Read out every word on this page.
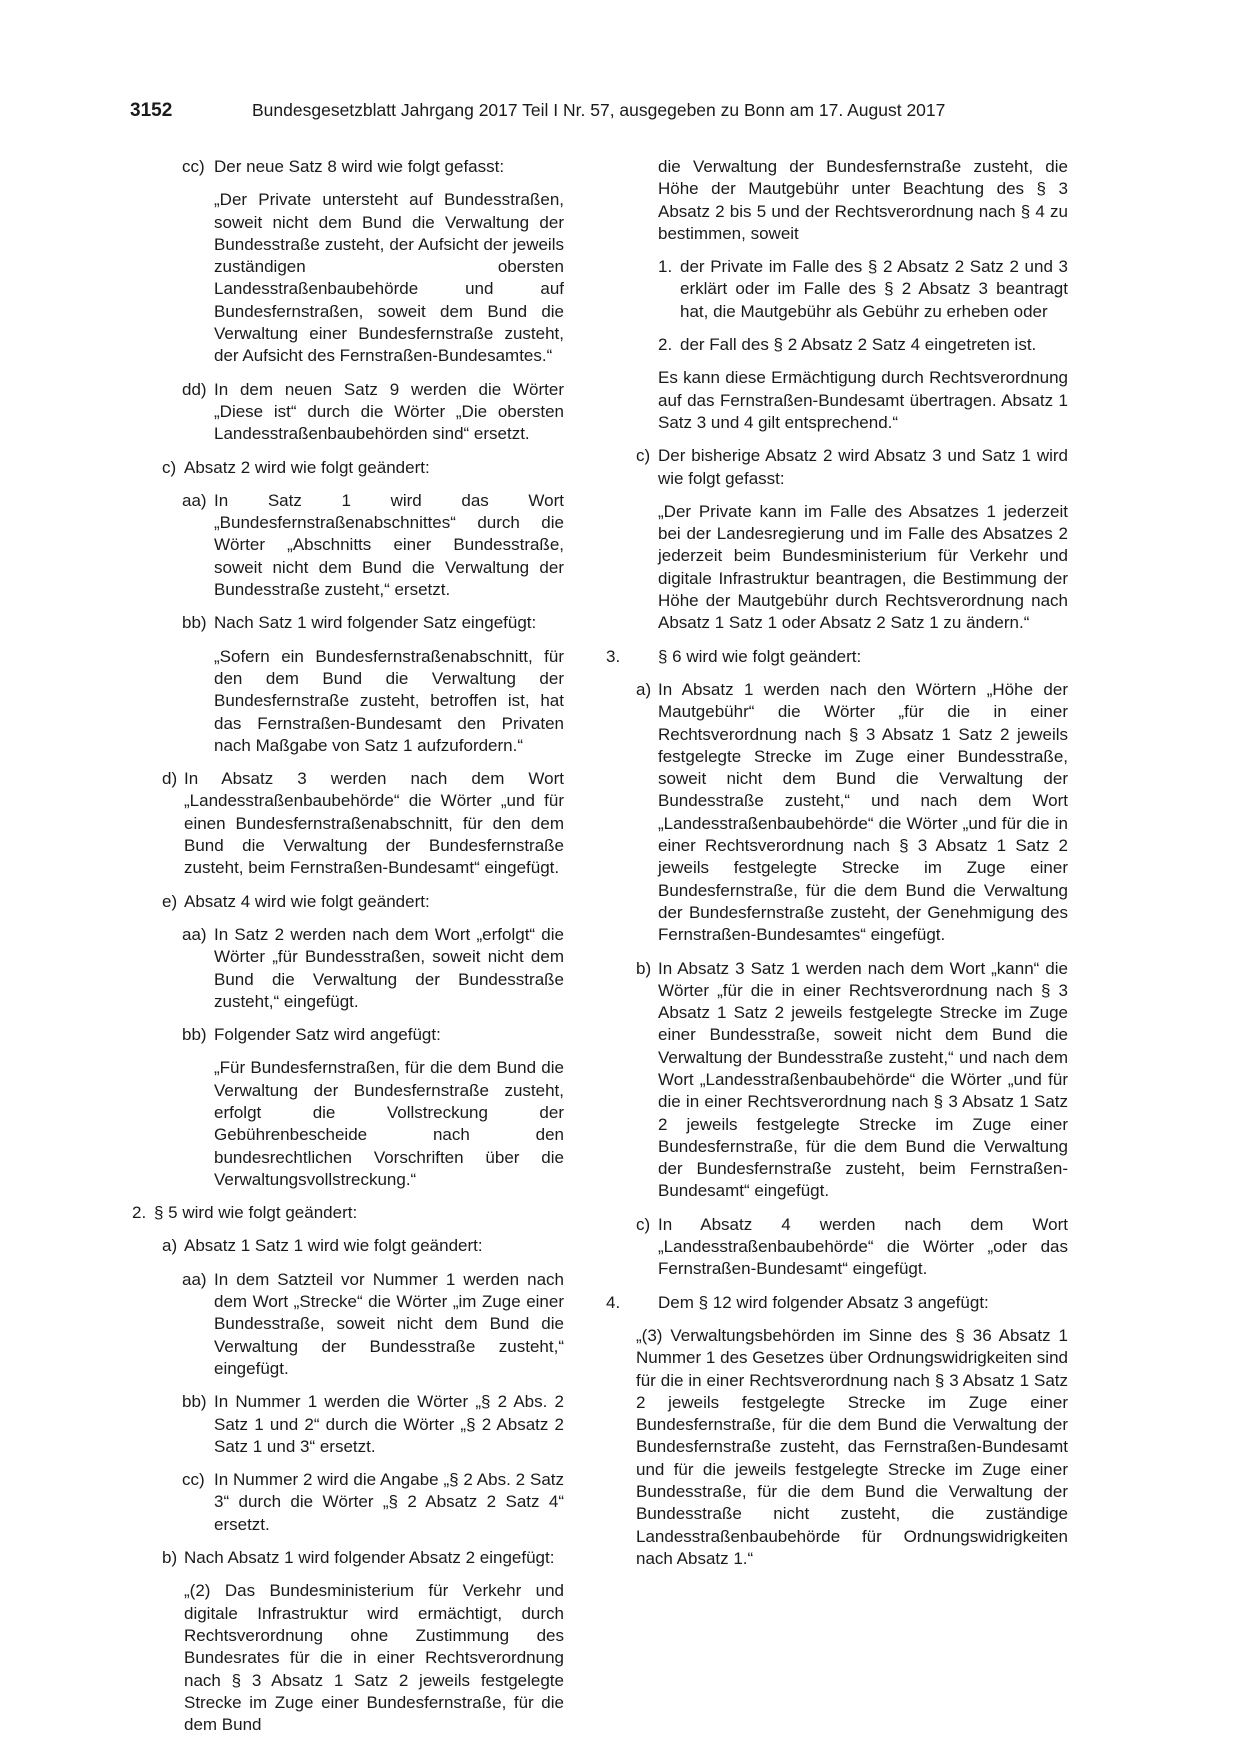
3152	Bundesgesetzblatt Jahrgang 2017 Teil I Nr. 57, ausgegeben zu Bonn am 17. August 2017
cc) Der neue Satz 8 wird wie folgt gefasst:
„Der Private untersteht auf Bundesstraßen, soweit nicht dem Bund die Verwaltung der Bundesstraße zusteht, der Aufsicht der jeweils zuständigen obersten Landesstraßenbaubehörde und auf Bundesfernstraßen, soweit dem Bund die Verwaltung einer Bundesfernstraße zusteht, der Aufsicht des Fernstraßen-Bundesamtes.“
dd) In dem neuen Satz 9 werden die Wörter „Diese ist“ durch die Wörter „Die obersten Landesstraßenbaubehörden sind“ ersetzt.
c) Absatz 2 wird wie folgt geändert:
aa) In Satz 1 wird das Wort „Bundesfernstraßenabschnittes“ durch die Wörter „Abschnitts einer Bundesstraße, soweit nicht dem Bund die Verwaltung der Bundesstraße zusteht,“ ersetzt.
bb) Nach Satz 1 wird folgender Satz eingefügt:
„Sofern ein Bundesfernstraßenabschnitt, für den dem Bund die Verwaltung der Bundesfernstraße zusteht, betroffen ist, hat das Fernstraßen-Bundesamt den Privaten nach Maßgabe von Satz 1 aufzufordern.“
d) In Absatz 3 werden nach dem Wort „Landesstraßenbaubehörde“ die Wörter „und für einen Bundesfernstraßenabschnitt, für den dem Bund die Verwaltung der Bundesfernstraße zusteht, beim Fernstraßen-Bundesamt“ eingefügt.
e) Absatz 4 wird wie folgt geändert:
aa) In Satz 2 werden nach dem Wort „erfolgt“ die Wörter „für Bundesstraßen, soweit nicht dem Bund die Verwaltung der Bundesstraße zusteht,“ eingefügt.
bb) Folgender Satz wird angefügt:
„Für Bundesfernstraßen, für die dem Bund die Verwaltung der Bundesfernstraße zusteht, erfolgt die Vollstreckung der Gebührenbescheide nach den bundesrechtlichen Vorschriften über die Verwaltungsvollstreckung.“
2. § 5 wird wie folgt geändert:
a) Absatz 1 Satz 1 wird wie folgt geändert:
aa) In dem Satzteil vor Nummer 1 werden nach dem Wort „Strecke“ die Wörter „im Zuge einer Bundesstraße, soweit nicht dem Bund die Verwaltung der Bundesstraße zusteht,“ eingefügt.
bb) In Nummer 1 werden die Wörter „§ 2 Abs. 2 Satz 1 und 2“ durch die Wörter „§ 2 Absatz 2 Satz 1 und 3“ ersetzt.
cc) In Nummer 2 wird die Angabe „§ 2 Abs. 2 Satz 3“ durch die Wörter „§ 2 Absatz 2 Satz 4“ ersetzt.
b) Nach Absatz 1 wird folgender Absatz 2 eingefügt:
„(2) Das Bundesministerium für Verkehr und digitale Infrastruktur wird ermächtigt, durch Rechtsverordnung ohne Zustimmung des Bundesrates für die in einer Rechtsverordnung nach § 3 Absatz 1 Satz 2 jeweils festgelegte Strecke im Zuge einer Bundesfernstraße, für die dem Bund
die Verwaltung der Bundesfernstraße zusteht, die Höhe der Mautgebühr unter Beachtung des § 3 Absatz 2 bis 5 und der Rechtsverordnung nach § 4 zu bestimmen, soweit
1. der Private im Falle des § 2 Absatz 2 Satz 2 und 3 erklärt oder im Falle des § 2 Absatz 3 beantragt hat, die Mautgebühr als Gebühr zu erheben oder
2. der Fall des § 2 Absatz 2 Satz 4 eingetreten ist.
Es kann diese Ermächtigung durch Rechtsverordnung auf das Fernstraßen-Bundesamt übertragen. Absatz 1 Satz 3 und 4 gilt entsprechend.“
c) Der bisherige Absatz 2 wird Absatz 3 und Satz 1 wird wie folgt gefasst:
„Der Private kann im Falle des Absatzes 1 jederzeit bei der Landesregierung und im Falle des Absatzes 2 jederzeit beim Bundesministerium für Verkehr und digitale Infrastruktur beantragen, die Bestimmung der Höhe der Mautgebühr durch Rechtsverordnung nach Absatz 1 Satz 1 oder Absatz 2 Satz 1 zu ändern.“
3.	§ 6 wird wie folgt geändert:
a) In Absatz 1 werden nach den Wörtern „Höhe der Mautgebühr“ die Wörter „für die in einer Rechtsverordnung nach § 3 Absatz 1 Satz 2 jeweils festgelegte Strecke im Zuge einer Bundesstraße, soweit nicht dem Bund die Verwaltung der Bundesstraße zusteht,“ und nach dem Wort „Landesstraßenbaubehörde“ die Wörter „und für die in einer Rechtsverordnung nach § 3 Absatz 1 Satz 2 jeweils festgelegte Strecke im Zuge einer Bundesfernstraße, für die dem Bund die Verwaltung der Bundesfernstraße zusteht, der Genehmigung des Fernstraßen-Bundesamtes“ eingefügt.
b) In Absatz 3 Satz 1 werden nach dem Wort „kann“ die Wörter „für die in einer Rechtsverordnung nach § 3 Absatz 1 Satz 2 jeweils festgelegte Strecke im Zuge einer Bundesstraße, soweit nicht dem Bund die Verwaltung der Bundesstraße zusteht,“ und nach dem Wort „Landesstraßenbaubehörde“ die Wörter „und für die in einer Rechtsverordnung nach § 3 Absatz 1 Satz 2 jeweils festgelegte Strecke im Zuge einer Bundesfernstraße, für die dem Bund die Verwaltung der Bundesfernstraße zusteht, beim Fernstraßen-Bundesamt“ eingefügt.
c) In Absatz 4 werden nach dem Wort „Landesstraßenbaubehörde“ die Wörter „oder das Fernstraßen-Bundesamt“ eingefügt.
4.	Dem § 12 wird folgender Absatz 3 angefügt:
„(3) Verwaltungsbehörden im Sinne des § 36 Absatz 1 Nummer 1 des Gesetzes über Ordnungswidrigkeiten sind für die in einer Rechtsverordnung nach § 3 Absatz 1 Satz 2 jeweils festgelegte Strecke im Zuge einer Bundesfernstraße, für die dem Bund die Verwaltung der Bundesfernstraße zusteht, das Fernstraßen-Bundesamt und für die jeweils festgelegte Strecke im Zuge einer Bundesstraße, für die dem Bund die Verwaltung der Bundesstraße nicht zusteht, die zuständige Landesstraßenbaubehörde für Ordnungswidrigkeiten nach Absatz 1.“
